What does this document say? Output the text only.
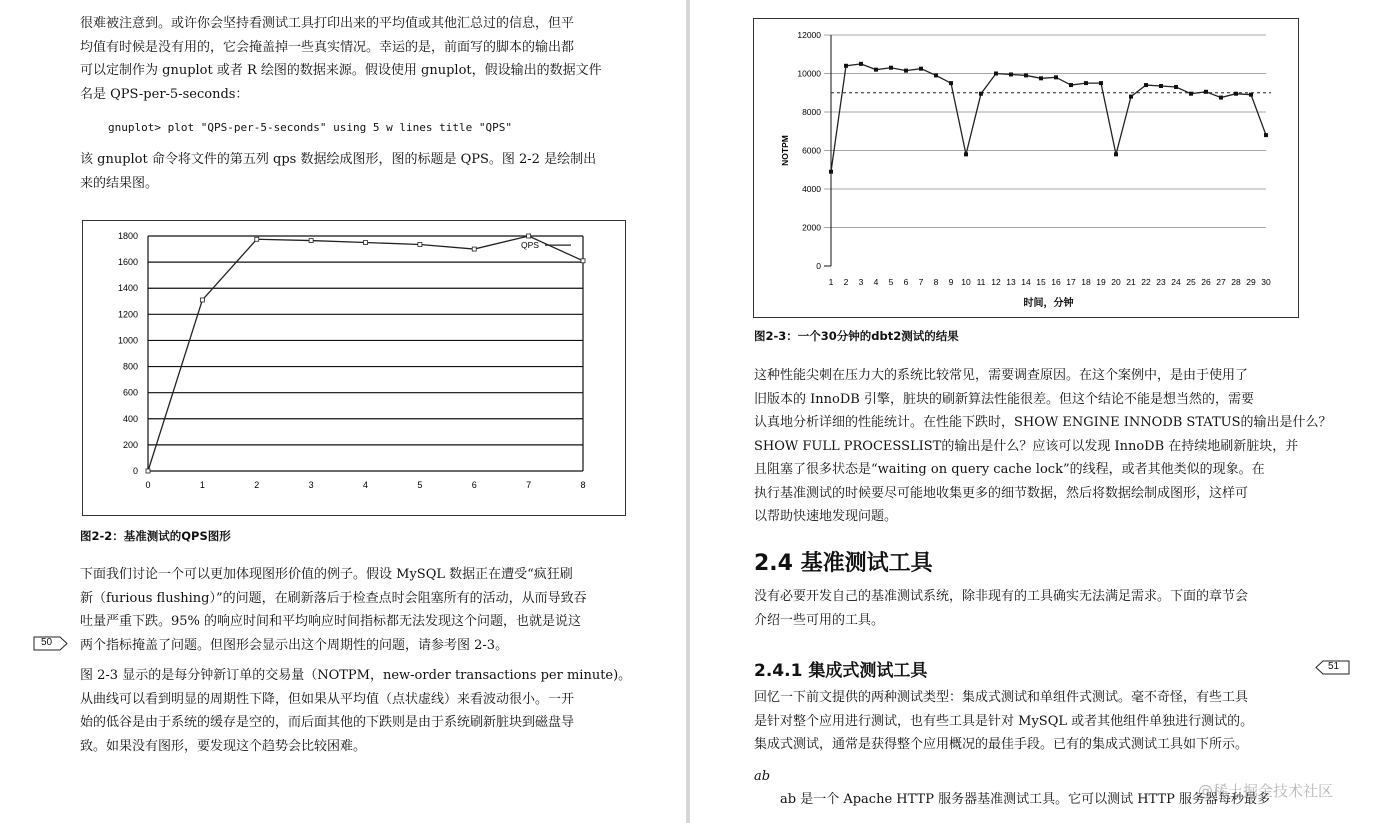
很难被注意到。或许你会坚持看测试工具打印出来的平均值或其他汇总过的信息，但平
均值有时候是没有用的，它会掩盖掉一些真实情况。幸运的是，前面写的脚本的输出都
可以定制作为 gnuplot 或者 R 绘图的数据来源。假设使用 gnuplot，假设输出的数据文件
名是 QPS-per-5-seconds：
gnuplot> plot "QPS-per-5-seconds" using 5 w lines title "QPS"
该 gnuplot 命令将文件的第五列 qps 数据绘成图形，图的标题是 QPS。图 2-2 是绘制出
来的结果图。
0
200
400
600
800
1000
1200
1400
1600
1800
0	1	2	3	4	5	6	7	8
QPS
图2-2：基准测试的QPS图形
下面我们讨论一个可以更加体现图形价值的例子。假设 MySQL 数据正在遭受“疯狂刷
新（furious flushing）”的问题，在刷新落后于检查点时会阻塞所有的活动，从而导致吞
吐量严重下跌。95% 的响应时间和平均响应时间指标都无法发现这个问题，也就是说这
两个指标掩盖了问题。但图形会显示出这个周期性的问题，请参考图 2-3。
50
图 2-3 显示的是每分钟新订单的交易量（NOTPM，new-order transactions per minute)。
从曲线可以看到明显的周期性下降，但如果从平均值（点状虚线）来看波动很小。一开
始的低谷是由于系统的缓存是空的，而后面其他的下跌则是由于系统刷新脏块到磁盘导
致。如果没有图形，要发现这个趋势会比较困难。
0
2000
4000
6000
8000
10000
12000
1 2 3 4 5 6 7 8 9 10 11 12 13 14 15 16 17 18 19 20 21 22 23 24 25 26 27 28 29 30
NOTPM
时间，分钟
图2-3：一个30分钟的dbt2测试的结果
这种性能尖刺在压力大的系统比较常见，需要调查原因。在这个案例中，是由于使用了
旧版本的 InnoDB 引擎，脏块的刷新算法性能很差。但这个结论不能是想当然的，需要
认真地分析详细的性能统计。在性能下跌时，SHOW ENGINE INNODB STATUS的输出是什么？
SHOW FULL PROCESSLIST的输出是什么？应该可以发现 InnoDB 在持续地刷新脏块，并
且阻塞了很多状态是“waiting on query cache lock”的线程，或者其他类似的现象。在
执行基准测试的时候要尽可能地收集更多的细节数据，然后将数据绘制成图形，这样可
以帮助快速地发现问题。
2.4 基准测试工具
没有必要开发自己的基准测试系统，除非现有的工具确实无法满足需求。下面的章节会
介绍一些可用的工具。
2.4.1 集成式测试工具	51
回忆一下前文提供的两种测试类型：集成式测试和单组件式测试。毫不奇怪，有些工具
是针对整个应用进行测试，也有些工具是针对 MySQL 或者其他组件单独进行测试的。
集成式测试，通常是获得整个应用概况的最佳手段。已有的集成式测试工具如下所示。
ab
ab 是一个 Apache HTTP 服务器基准测试工具。它可以测试 HTTP 服务器每秒最多
@稀土掘金技术社区
